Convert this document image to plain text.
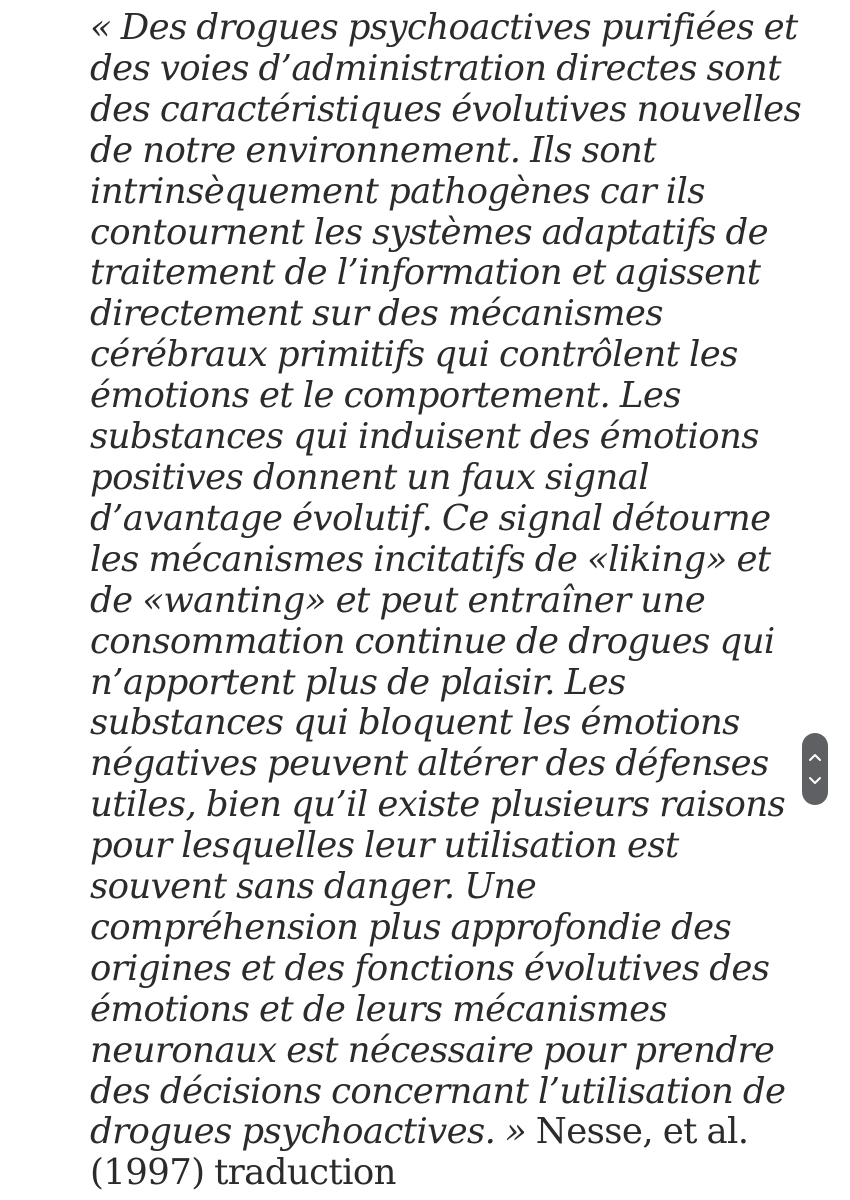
« Des drogues psychoactives purifiées et
des voies d’administration directes sont
des caractéristiques évolutives nouvelles
de notre environnement. Ils sont
intrinsèquement pathogènes car ils
contournent les systèmes adaptatifs de
traitement de l’information et agissent
directement sur des mécanismes
cérébraux primitifs qui contrôlent les
émotions et le comportement. Les
substances qui induisent des émotions
positives donnent un faux signal
d’avantage évolutif. Ce signal détourne
les mécanismes incitatifs de «liking» et
de «wanting» et peut entraîner une
consommation continue de drogues qui
n’apportent plus de plaisir. Les
substances qui bloquent les émotions
négatives peuvent altérer des défenses
utiles, bien qu’il existe plusieurs raisons
pour lesquelles leur utilisation est
souvent sans danger. Une
compréhension plus approfondie des
origines et des fonctions évolutives des
émotions et de leurs mécanismes
neuronaux est nécessaire pour prendre
des décisions concernant l’utilisation de
drogues psychoactives. » Nesse, et al.
(1997) traduction
